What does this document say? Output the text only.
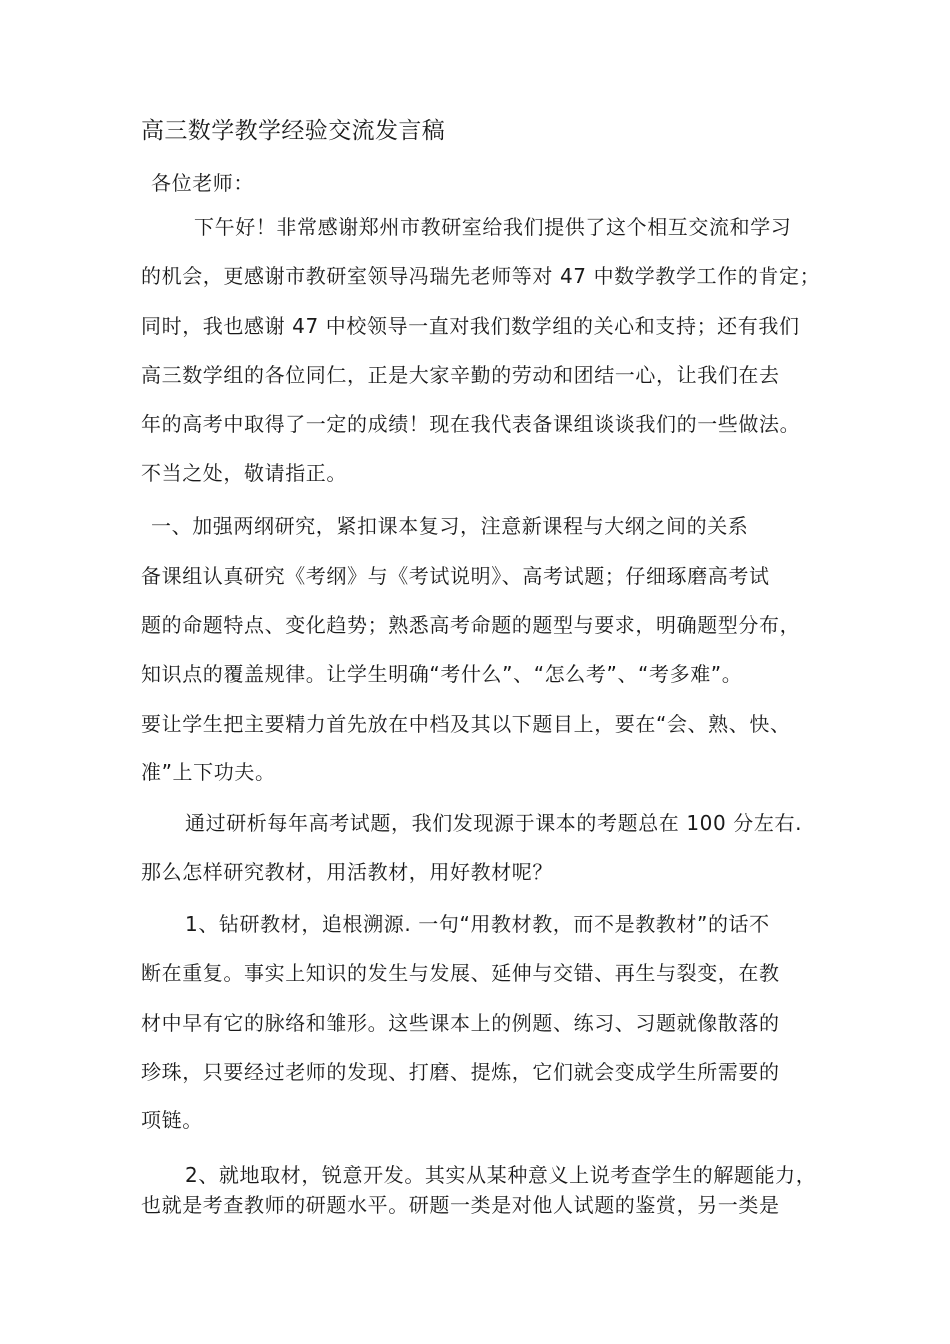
高三数学教学经验交流发言稿
各位老师：
下午好！非常感谢郑州市教研室给我们提供了这个相互交流和学习
的机会，更感谢市教研室领导冯瑞先老师等对 47 中数学教学工作的肯定；
同时，我也感谢 47 中校领导一直对我们数学组的关心和支持；还有我们
高三数学组的各位同仁，正是大家辛勤的劳动和团结一心，让我们在去
年的高考中取得了一定的成绩！现在我代表备课组谈谈我们的一些做法。
不当之处，敬请指正。
一、加强两纲研究，紧扣课本复习，注意新课程与大纲之间的关系
备课组认真研究《考纲》与《考试说明》、高考试题；仔细琢磨高考试
题的命题特点、变化趋势；熟悉高考命题的题型与要求，明确题型分布，
知识点的覆盖规律。让学生明确“考什么”、“怎么考”、“考多难”。
要让学生把主要精力首先放在中档及其以下题目上，要在“会、熟、快、
准”上下功夫。
通过研析每年高考试题，我们发现源于课本的考题总在 100 分左右.
那么怎样研究教材，用活教材，用好教材呢？
1、钻研教材，追根溯源. 一句“用教材教，而不是教教材”的话不
断在重复。事实上知识的发生与发展、延伸与交错、再生与裂变，在教
材中早有它的脉络和雏形。这些课本上的例题、练习、习题就像散落的
珍珠，只要经过老师的发现、打磨、提炼，它们就会变成学生所需要的
项链。
2、就地取材，锐意开发。其实从某种意义上说考查学生的解题能力，
也就是考查教师的研题水平。研题一类是对他人试题的鉴赏，另一类是
